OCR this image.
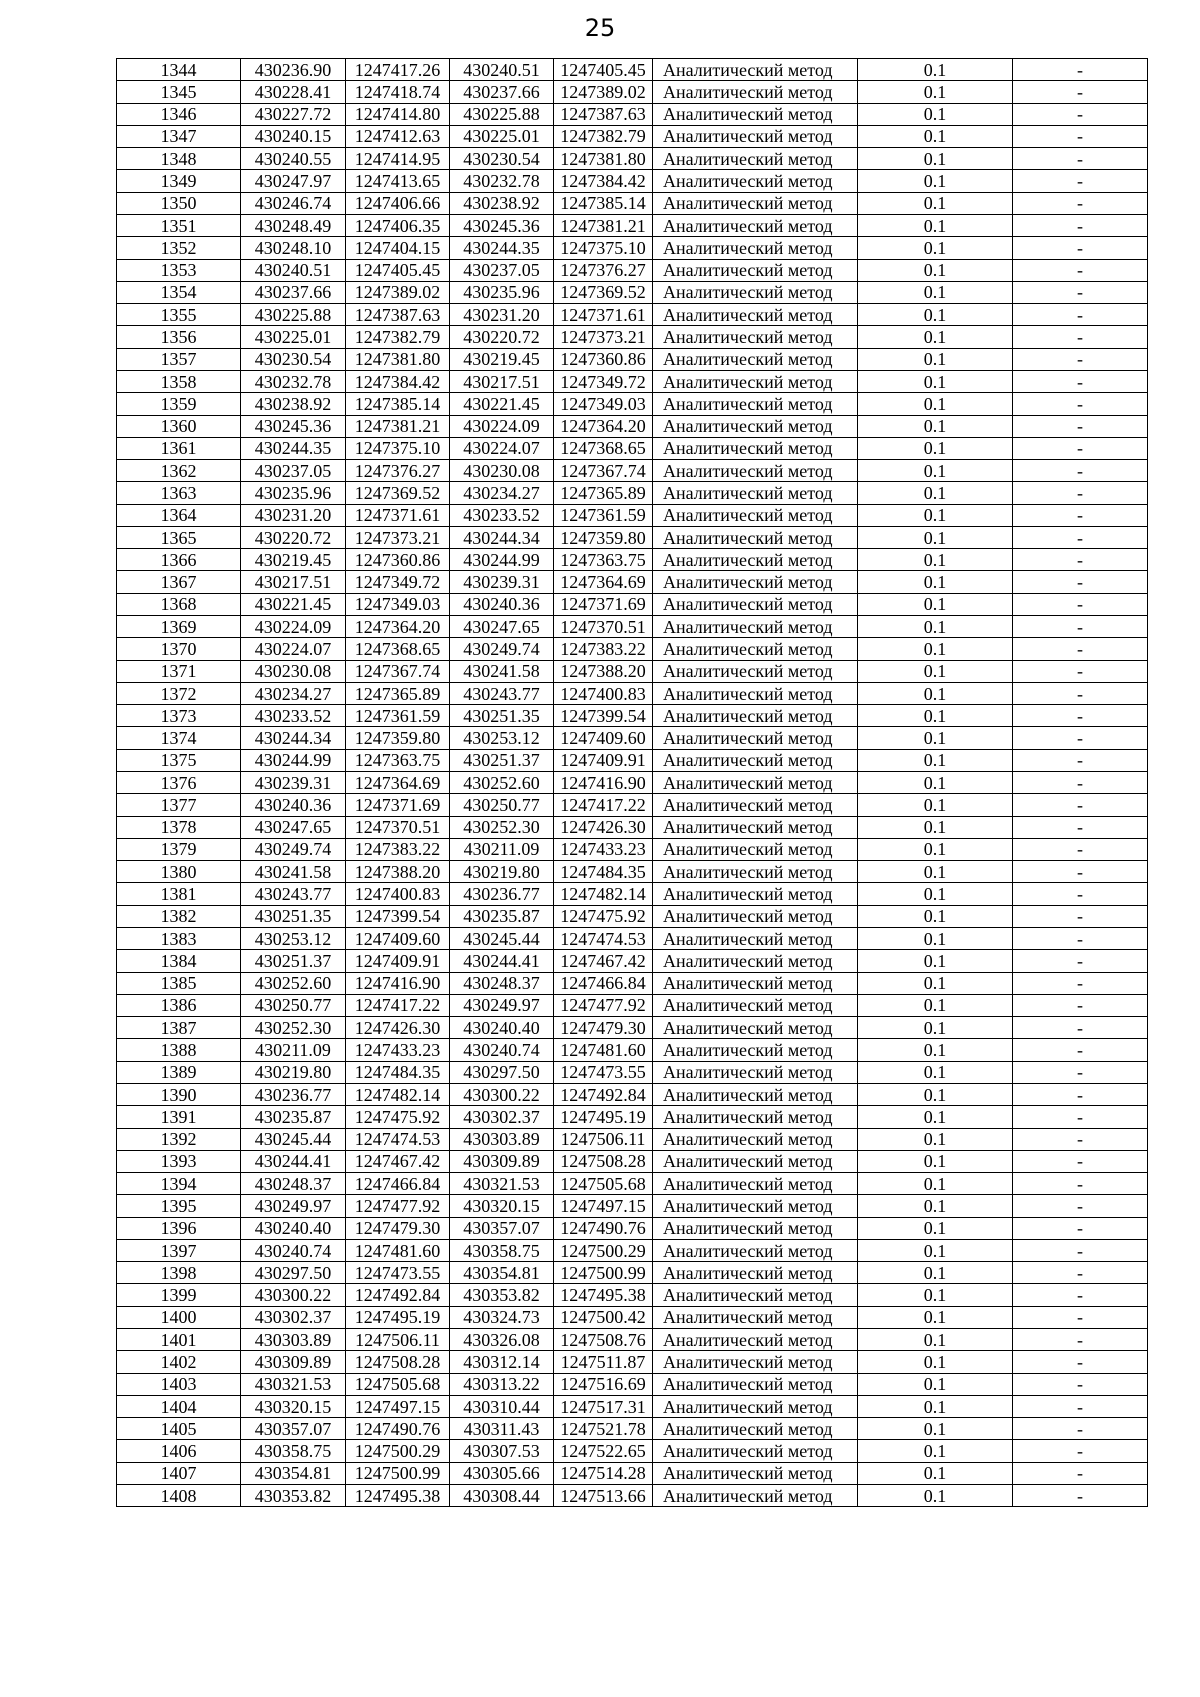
25
1344	430236.90	1247417.26	430240.51	1247405.45	Аналитический метод	0.1	-
1345	430228.41	1247418.74	430237.66	1247389.02	Аналитический метод	0.1	-
1346	430227.72	1247414.80	430225.88	1247387.63	Аналитический метод	0.1	-
1347	430240.15	1247412.63	430225.01	1247382.79	Аналитический метод	0.1	-
1348	430240.55	1247414.95	430230.54	1247381.80	Аналитический метод	0.1	-
1349	430247.97	1247413.65	430232.78	1247384.42	Аналитический метод	0.1	-
1350	430246.74	1247406.66	430238.92	1247385.14	Аналитический метод	0.1	-
1351	430248.49	1247406.35	430245.36	1247381.21	Аналитический метод	0.1	-
1352	430248.10	1247404.15	430244.35	1247375.10	Аналитический метод	0.1	-
1353	430240.51	1247405.45	430237.05	1247376.27	Аналитический метод	0.1	-
1354	430237.66	1247389.02	430235.96	1247369.52	Аналитический метод	0.1	-
1355	430225.88	1247387.63	430231.20	1247371.61	Аналитический метод	0.1	-
1356	430225.01	1247382.79	430220.72	1247373.21	Аналитический метод	0.1	-
1357	430230.54	1247381.80	430219.45	1247360.86	Аналитический метод	0.1	-
1358	430232.78	1247384.42	430217.51	1247349.72	Аналитический метод	0.1	-
1359	430238.92	1247385.14	430221.45	1247349.03	Аналитический метод	0.1	-
1360	430245.36	1247381.21	430224.09	1247364.20	Аналитический метод	0.1	-
1361	430244.35	1247375.10	430224.07	1247368.65	Аналитический метод	0.1	-
1362	430237.05	1247376.27	430230.08	1247367.74	Аналитический метод	0.1	-
1363	430235.96	1247369.52	430234.27	1247365.89	Аналитический метод	0.1	-
1364	430231.20	1247371.61	430233.52	1247361.59	Аналитический метод	0.1	-
1365	430220.72	1247373.21	430244.34	1247359.80	Аналитический метод	0.1	-
1366	430219.45	1247360.86	430244.99	1247363.75	Аналитический метод	0.1	-
1367	430217.51	1247349.72	430239.31	1247364.69	Аналитический метод	0.1	-
1368	430221.45	1247349.03	430240.36	1247371.69	Аналитический метод	0.1	-
1369	430224.09	1247364.20	430247.65	1247370.51	Аналитический метод	0.1	-
1370	430224.07	1247368.65	430249.74	1247383.22	Аналитический метод	0.1	-
1371	430230.08	1247367.74	430241.58	1247388.20	Аналитический метод	0.1	-
1372	430234.27	1247365.89	430243.77	1247400.83	Аналитический метод	0.1	-
1373	430233.52	1247361.59	430251.35	1247399.54	Аналитический метод	0.1	-
1374	430244.34	1247359.80	430253.12	1247409.60	Аналитический метод	0.1	-
1375	430244.99	1247363.75	430251.37	1247409.91	Аналитический метод	0.1	-
1376	430239.31	1247364.69	430252.60	1247416.90	Аналитический метод	0.1	-
1377	430240.36	1247371.69	430250.77	1247417.22	Аналитический метод	0.1	-
1378	430247.65	1247370.51	430252.30	1247426.30	Аналитический метод	0.1	-
1379	430249.74	1247383.22	430211.09	1247433.23	Аналитический метод	0.1	-
1380	430241.58	1247388.20	430219.80	1247484.35	Аналитический метод	0.1	-
1381	430243.77	1247400.83	430236.77	1247482.14	Аналитический метод	0.1	-
1382	430251.35	1247399.54	430235.87	1247475.92	Аналитический метод	0.1	-
1383	430253.12	1247409.60	430245.44	1247474.53	Аналитический метод	0.1	-
1384	430251.37	1247409.91	430244.41	1247467.42	Аналитический метод	0.1	-
1385	430252.60	1247416.90	430248.37	1247466.84	Аналитический метод	0.1	-
1386	430250.77	1247417.22	430249.97	1247477.92	Аналитический метод	0.1	-
1387	430252.30	1247426.30	430240.40	1247479.30	Аналитический метод	0.1	-
1388	430211.09	1247433.23	430240.74	1247481.60	Аналитический метод	0.1	-
1389	430219.80	1247484.35	430297.50	1247473.55	Аналитический метод	0.1	-
1390	430236.77	1247482.14	430300.22	1247492.84	Аналитический метод	0.1	-
1391	430235.87	1247475.92	430302.37	1247495.19	Аналитический метод	0.1	-
1392	430245.44	1247474.53	430303.89	1247506.11	Аналитический метод	0.1	-
1393	430244.41	1247467.42	430309.89	1247508.28	Аналитический метод	0.1	-
1394	430248.37	1247466.84	430321.53	1247505.68	Аналитический метод	0.1	-
1395	430249.97	1247477.92	430320.15	1247497.15	Аналитический метод	0.1	-
1396	430240.40	1247479.30	430357.07	1247490.76	Аналитический метод	0.1	-
1397	430240.74	1247481.60	430358.75	1247500.29	Аналитический метод	0.1	-
1398	430297.50	1247473.55	430354.81	1247500.99	Аналитический метод	0.1	-
1399	430300.22	1247492.84	430353.82	1247495.38	Аналитический метод	0.1	-
1400	430302.37	1247495.19	430324.73	1247500.42	Аналитический метод	0.1	-
1401	430303.89	1247506.11	430326.08	1247508.76	Аналитический метод	0.1	-
1402	430309.89	1247508.28	430312.14	1247511.87	Аналитический метод	0.1	-
1403	430321.53	1247505.68	430313.22	1247516.69	Аналитический метод	0.1	-
1404	430320.15	1247497.15	430310.44	1247517.31	Аналитический метод	0.1	-
1405	430357.07	1247490.76	430311.43	1247521.78	Аналитический метод	0.1	-
1406	430358.75	1247500.29	430307.53	1247522.65	Аналитический метод	0.1	-
1407	430354.81	1247500.99	430305.66	1247514.28	Аналитический метод	0.1	-
1408	430353.82	1247495.38	430308.44	1247513.66	Аналитический метод	0.1	-
